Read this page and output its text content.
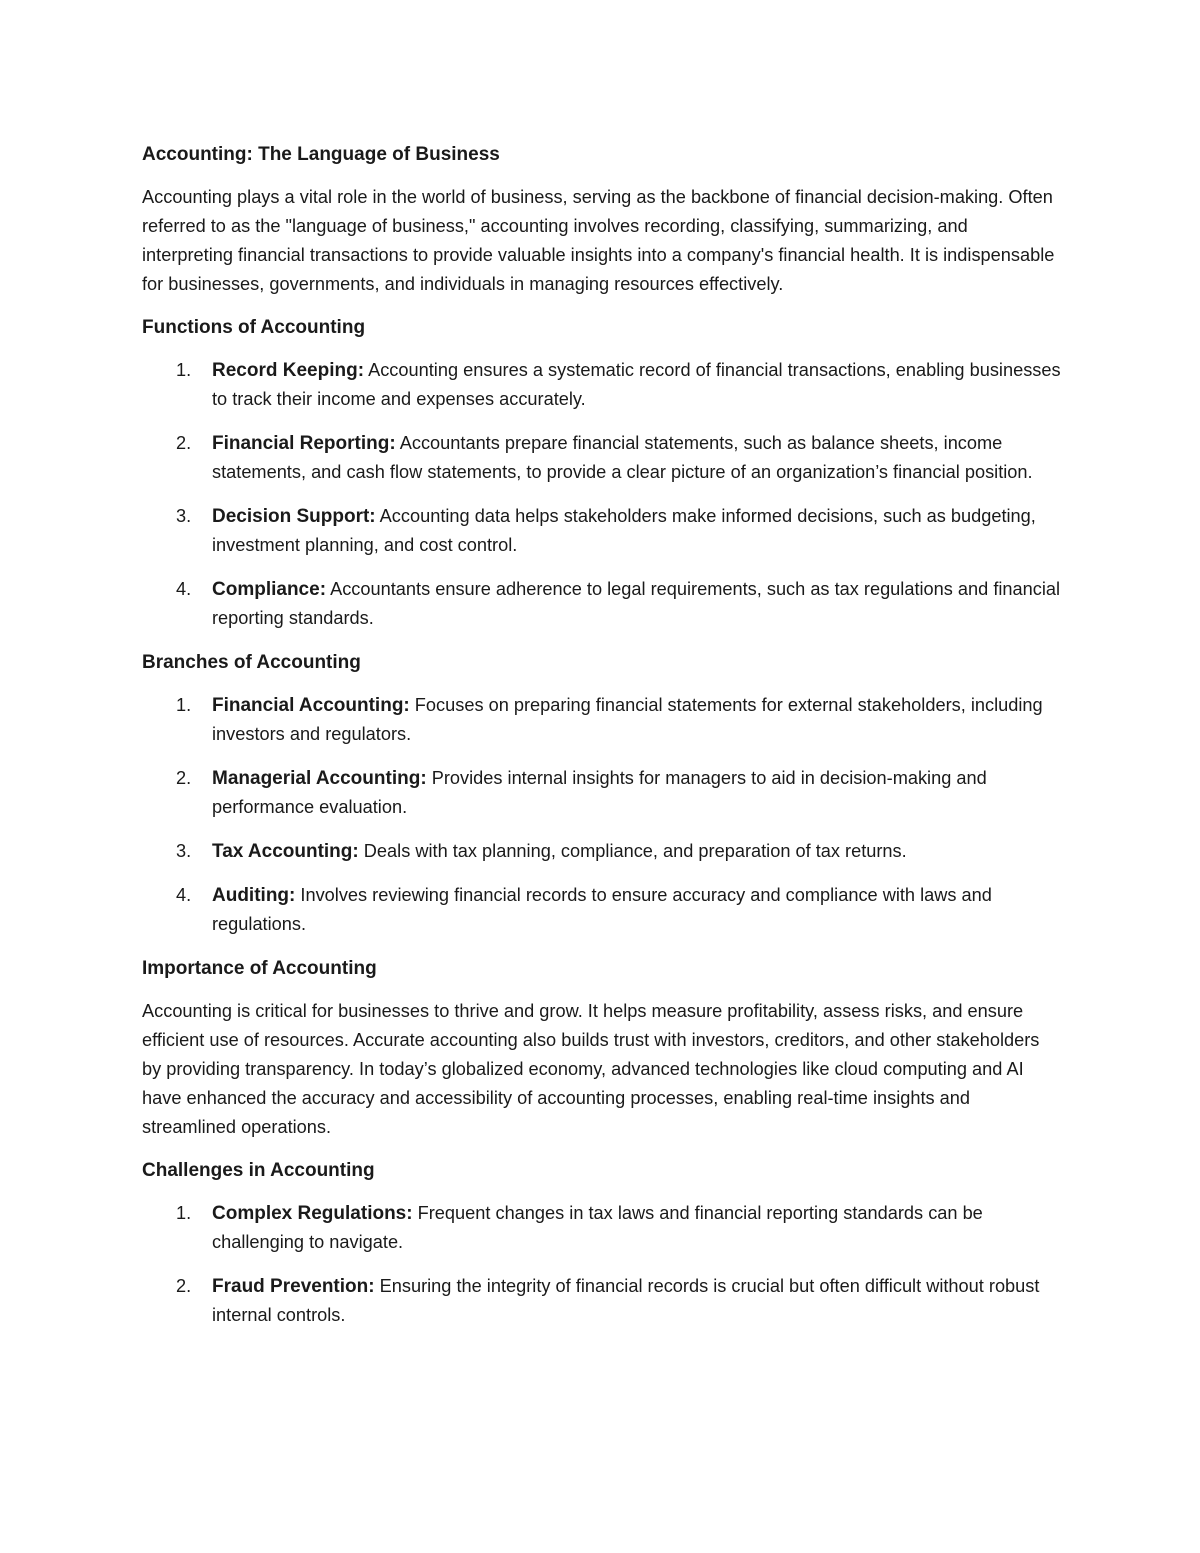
Accounting: The Language of Business

Accounting plays a vital role in the world of business, serving as the backbone of financial decision-making. Often referred to as the "language of business," accounting involves recording, classifying, summarizing, and interpreting financial transactions to provide valuable insights into a company's financial health. It is indispensable for businesses, governments, and individuals in managing resources effectively.

Functions of Accounting
1. Record Keeping: Accounting ensures a systematic record of financial transactions, enabling businesses to track their income and expenses accurately.
2. Financial Reporting: Accountants prepare financial statements, such as balance sheets, income statements, and cash flow statements, to provide a clear picture of an organization’s financial position.
3. Decision Support: Accounting data helps stakeholders make informed decisions, such as budgeting, investment planning, and cost control.
4. Compliance: Accountants ensure adherence to legal requirements, such as tax regulations and financial reporting standards.
Branches of Accounting
1. Financial Accounting: Focuses on preparing financial statements for external stakeholders, including investors and regulators.
2. Managerial Accounting: Provides internal insights for managers to aid in decision-making and performance evaluation.
3. Tax Accounting: Deals with tax planning, compliance, and preparation of tax returns.
4. Auditing: Involves reviewing financial records to ensure accuracy and compliance with laws and regulations.
Importance of Accounting

Accounting is critical for businesses to thrive and grow. It helps measure profitability, assess risks, and ensure efficient use of resources. Accurate accounting also builds trust with investors, creditors, and other stakeholders by providing transparency. In today’s globalized economy, advanced technologies like cloud computing and AI have enhanced the accuracy and accessibility of accounting processes, enabling real-time insights and streamlined operations.

Challenges in Accounting
1. Complex Regulations: Frequent changes in tax laws and financial reporting standards can be challenging to navigate.
2. Fraud Prevention: Ensuring the integrity of financial records is crucial but often difficult without robust internal controls.
